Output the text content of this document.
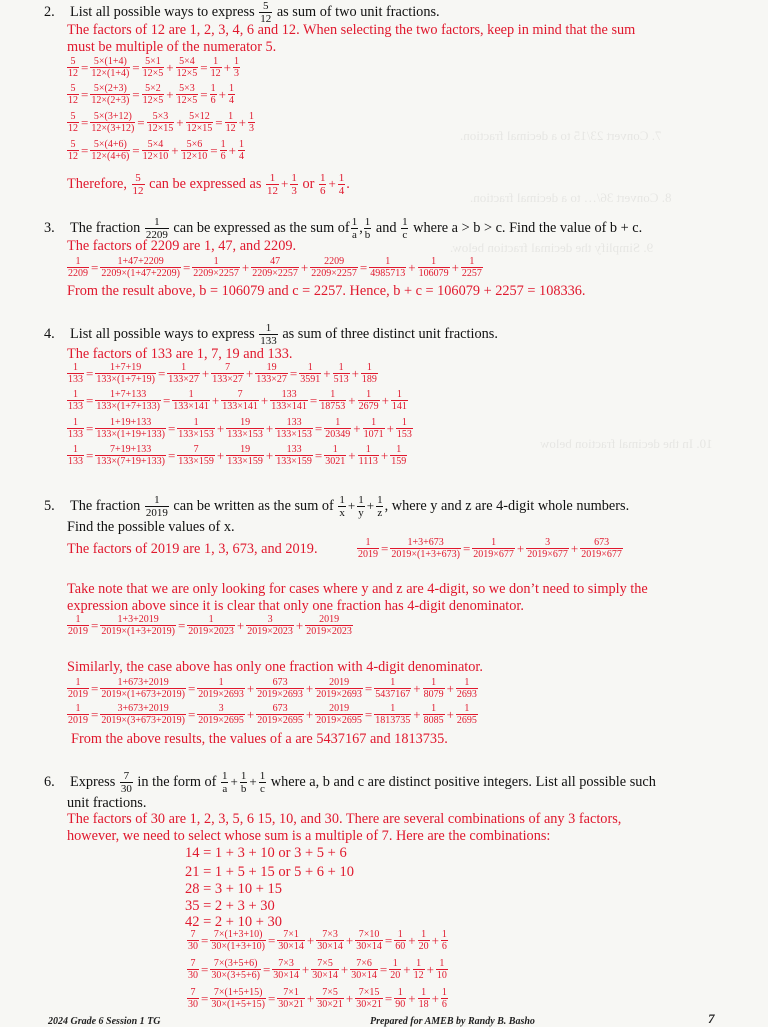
7. Convert 23/15 to a decimal fraction.
8. Convert 36/… to a decimal fraction.
9. Simplify the decimal fraction below.
10. In the decimal fraction below
2. List all possible ways to express $\frac{5}{12}$ as sum of two unit fractions.
The factors of 12 are 1, 2, 3, 4, 6 and 12. When selecting the two factors, keep in mind that the sum
must be multiple of the numerator 5.
$\frac{5}{12} = \frac{5\times(1+4)}{12\times(1+4)} = \frac{5\times 1}{12\times 5} + \frac{5\times 4}{12\times 5} = \frac{1}{12} + \frac{1}{3}$
$\frac{5}{12} = \frac{5\times(2+3)}{12\times(2+3)} = \frac{5\times 2}{12\times 5} + \frac{5\times 3}{12\times 5} = \frac{1}{6} + \frac{1}{4}$
$\frac{5}{12} = \frac{5\times(3+12)}{12\times(3+12)} = \frac{5\times 3}{12\times 15} + \frac{5\times 12}{12\times 15} = \frac{1}{12} + \frac{1}{3}$
$\frac{5}{12} = \frac{5\times(4+6)}{12\times(4+6)} = \frac{5\times 4}{12\times 10} + \frac{5\times 6}{12\times 10} = \frac{1}{6} + \frac{1}{4}$
Therefore, $\frac{5}{12}$ can be expressed as $\frac{1}{12} + \frac{1}{3}$ or $\frac{1}{6} + \frac{1}{4}$ .
3. The fraction $\frac{1}{2209}$ can be expressed as the sum of $\frac{1}{a}$ , $\frac{1}{b}$ and $\frac{1}{c}$ where a > b > c. Find the value of b + c.
The factors of 2209 are 1, 47, and 2209.
$\frac{1}{2209} = \frac{1+47+2209}{2209\times(1+47+2209)} = \frac{1}{2209\times 2257} + \frac{47}{2209\times 2257} + \frac{2209}{2209\times 2257} = \frac{1}{4985713} + \frac{1}{106079} + \frac{1}{2257}$
From the result above, b = 106079 and c = 2257. Hence, b + c = 106079 + 2257 = 108336.
4. List all possible ways to express $\frac{1}{133}$ as sum of three distinct unit fractions.
The factors of 133 are 1, 7, 19 and 133.
$\frac{1}{133} = \frac{1+7+19}{133\times(1+7+19)} = \frac{1}{133\times 27} + \frac{7}{133\times 27} + \frac{19}{133\times 27} = \frac{1}{3591} + \frac{1}{513} + \frac{1}{189}$
$\frac{1}{133} = \frac{1+7+133}{133\times(1+7+133)} = \frac{1}{133\times 141} + \frac{7}{133\times 141} + \frac{133}{133\times 141} = \frac{1}{18753} + \frac{1}{2679} + \frac{1}{141}$
$\frac{1}{133} = \frac{1+19+133}{133\times(1+19+133)} = \frac{1}{133\times 153} + \frac{19}{133\times 153} + \frac{133}{133\times 153} = \frac{1}{20349} + \frac{1}{1071} + \frac{1}{153}$
$\frac{1}{133} = \frac{7+19+133}{133\times(7+19+133)} = \frac{7}{133\times 159} + \frac{19}{133\times 159} + \frac{133}{133\times 159} = \frac{1}{3021} + \frac{1}{1113} + \frac{1}{159}$
5. The fraction $\frac{1}{2019}$ can be written as the sum of $\frac{1}{x} + \frac{1}{y} + \frac{1}{z}$ , where y and z are 4-digit whole numbers.
Find the possible values of x.
The factors of 2019 are 1, 3, 673, and 2019.	$\frac{1}{2019} = \frac{1+3+673}{2019\times(1+3+673)} = \frac{1}{2019\times 677} + \frac{3}{2019\times 677} + \frac{673}{2019\times 677}$
Take note that we are only looking for cases where y and z are 4-digit, so we don’t need to simply the
expression above since it is clear that only one fraction has 4-digit denominator.
$\frac{1}{2019} = \frac{1+3+2019}{2019\times(1+3+2019)} = \frac{1}{2019\times 2023} + \frac{3}{2019\times 2023} + \frac{2019}{2019\times 2023}$
Similarly, the case above has only one fraction with 4-digit denominator.
$\frac{1}{2019} = \frac{1+673+2019}{2019\times(1+673+2019)} = \frac{1}{2019\times 2693} + \frac{673}{2019\times 2693} + \frac{2019}{2019\times 2693} = \frac{1}{5437167} + \frac{1}{8079} + \frac{1}{2693}$
$\frac{1}{2019} = \frac{3+673+2019}{2019\times(3+673+2019)} = \frac{3}{2019\times 2695} + \frac{673}{2019\times 2695} + \frac{2019}{2019\times 2695} = \frac{1}{1813735} + \frac{1}{8085} + \frac{1}{2695}$
From the above results, the values of a are 5437167 and 1813735.
6. Express $\frac{7}{30}$ in the form of $\frac{1}{a} + \frac{1}{b} + \frac{1}{c}$ where a, b and c are distinct positive integers. List all possible such
unit fractions.
The factors of 30 are 1, 2, 3, 5, 6 15, 10, and 30. There are several combinations of any 3 factors,
however, we need to select whose sum is a multiple of 7. Here are the combinations:
14 = 1 + 3 + 10 or 3 + 5 + 6
21 = 1 + 5 + 15 or 5 + 6 + 10
28 = 3 + 10 + 15
35 = 2 + 3 + 30
42 = 2 + 10 + 30
$\frac{7}{30} = \frac{7\times(1+3+10)}{30\times(1+3+10)} = \frac{7\times 1}{30\times 14} + \frac{7\times 3}{30\times 14} + \frac{7\times 10}{30\times 14} = \frac{1}{60} + \frac{1}{20} + \frac{1}{6}$
$\frac{7}{30} = \frac{7\times(3+5+6)}{30\times(3+5+6)} = \frac{7\times 3}{30\times 14} + \frac{7\times 5}{30\times 14} + \frac{7\times 6}{30\times 14} = \frac{1}{20} + \frac{1}{12} + \frac{1}{10}$
$\frac{7}{30} = \frac{7\times(1+5+15)}{30\times(1+5+15)} = \frac{7\times 1}{30\times 21} + \frac{7\times 5}{30\times 21} + \frac{7\times 15}{30\times 21} = \frac{1}{90} + \frac{1}{18} + \frac{1}{6}$
2024 Grade 6 Session 1 TG	Prepared for AMEB by Randy B. Basho	7
